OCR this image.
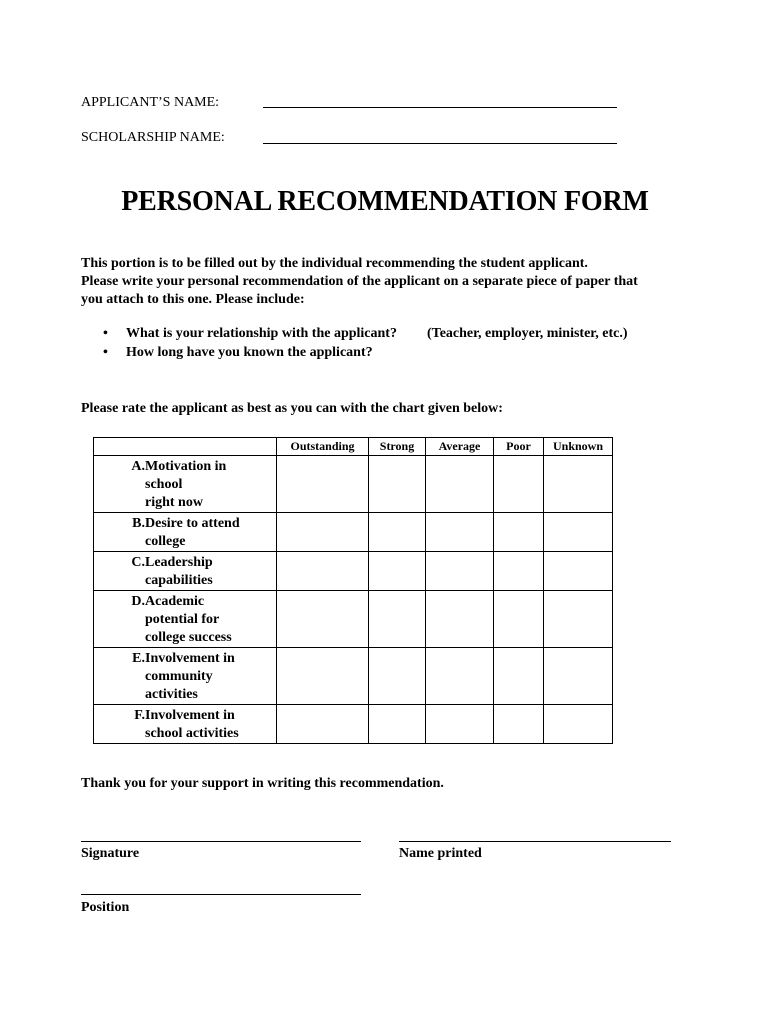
APPLICANT’S NAME:
SCHOLARSHIP NAME:
PERSONAL RECOMMENDATION FORM
This portion is to be filled out by the individual recommending the student applicant.
Please write your personal recommendation of the applicant on a separate piece of paper that
you attach to this one. Please include:
• What is your relationship with the applicant? (Teacher, employer, minister, etc.)
• How long have you known the applicant?
Please rate the applicant as best as you can with the chart given below:
	Outstanding	Strong	Average	Poor	Unknown

A. Motivation in
school
right now					

B. Desire to attend
college					

C. Leadership
capabilities					

D. Academic
potential for
college success					

E. Involvement in
community
activities					

F. Involvement in
school activities					

Thank you for your support in writing this recommendation.
Signature	Name printed
Position
